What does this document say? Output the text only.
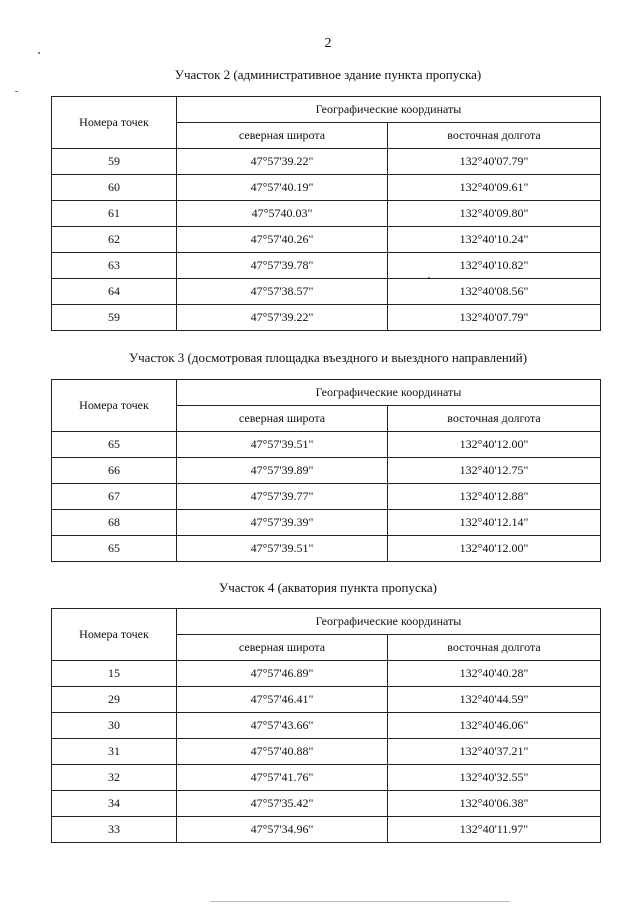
2
Участок 2 (административное здание пункта пропуска)
Номера точек	Географические координаты	
	северная широта	восточная долгота
59	47°57'39.22"	132°40'07.79"
60	47°57'40.19"	132°40'09.61"
61	47°5740.03"	132°40'09.80"
62	47°57'40.26"	132°40'10.24"
63	47°57'39.78"	132°40'10.82"
64	47°57'38.57"	132°40'08.56"
59	47°57'39.22"	132°40'07.79"
Участок 3 (досмотровая площадка въездного и выездного направлений)
Номера точек	Географические координаты	
	северная широта	восточная долгота
65	47°57'39.51"	132°40'12.00"
66	47°57'39.89"	132°40'12.75"
67	47°57'39.77"	132°40'12.88"
68	47°57'39.39"	132°40'12.14"
65	47°57'39.51"	132°40'12.00"
Участок 4 (акватория пункта пропуска)
Номера точек	Географические координаты	
	северная широта	восточная долгота
15	47°57'46.89"	132°40'40.28"
29	47°57'46.41"	132°40'44.59"
30	47°57'43.66"	132°40'46.06"
31	47°57'40.88"	132°40'37.21"
32	47°57'41.76"	132°40'32.55"
34	47°57'35.42"	132°40'06.38"
33	47°57'34.96"	132°40'11.97"
